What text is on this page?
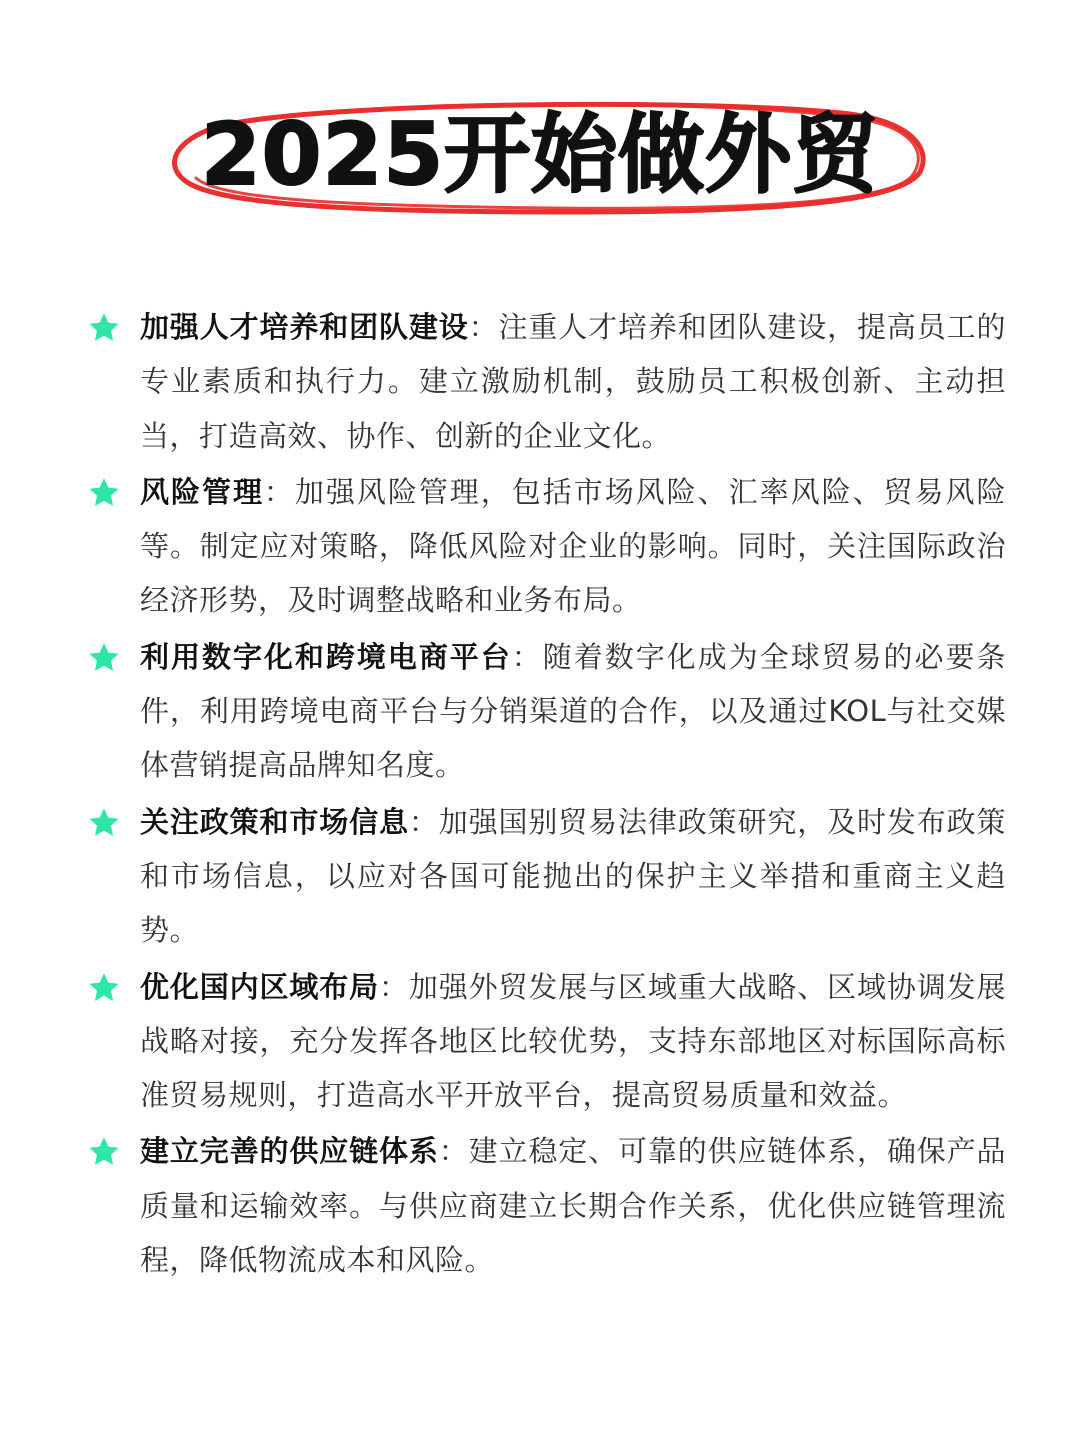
2025开始做外贸
加强人才培养和团队建设：注重人才培养和团队建设，提高员工的专业素质和执行力。建立激励机制，鼓励员工积极创新、主动担当，打造高效、协作、创新的企业文化。
风险管理：加强风险管理，包括市场风险、汇率风险、贸易风险等。制定应对策略，降低风险对企业的影响。同时，关注国际政治经济形势，及时调整战略和业务布局。
利用数字化和跨境电商平台：随着数字化成为全球贸易的必要条件，利用跨境电商平台与分销渠道的合作，以及通过KOL与社交媒体营销提高品牌知名度。
关注政策和市场信息：加强国别贸易法律政策研究，及时发布政策和市场信息，以应对各国可能抛出的保护主义举措和重商主义趋势。
优化国内区域布局：加强外贸发展与区域重大战略、区域协调发展战略对接，充分发挥各地区比较优势，支持东部地区对标国际高标准贸易规则，打造高水平开放平台，提高贸易质量和效益。
建立完善的供应链体系：建立稳定、可靠的供应链体系，确保产品质量和运输效率。与供应商建立长期合作关系，优化供应链管理流程，降低物流成本和风险。
